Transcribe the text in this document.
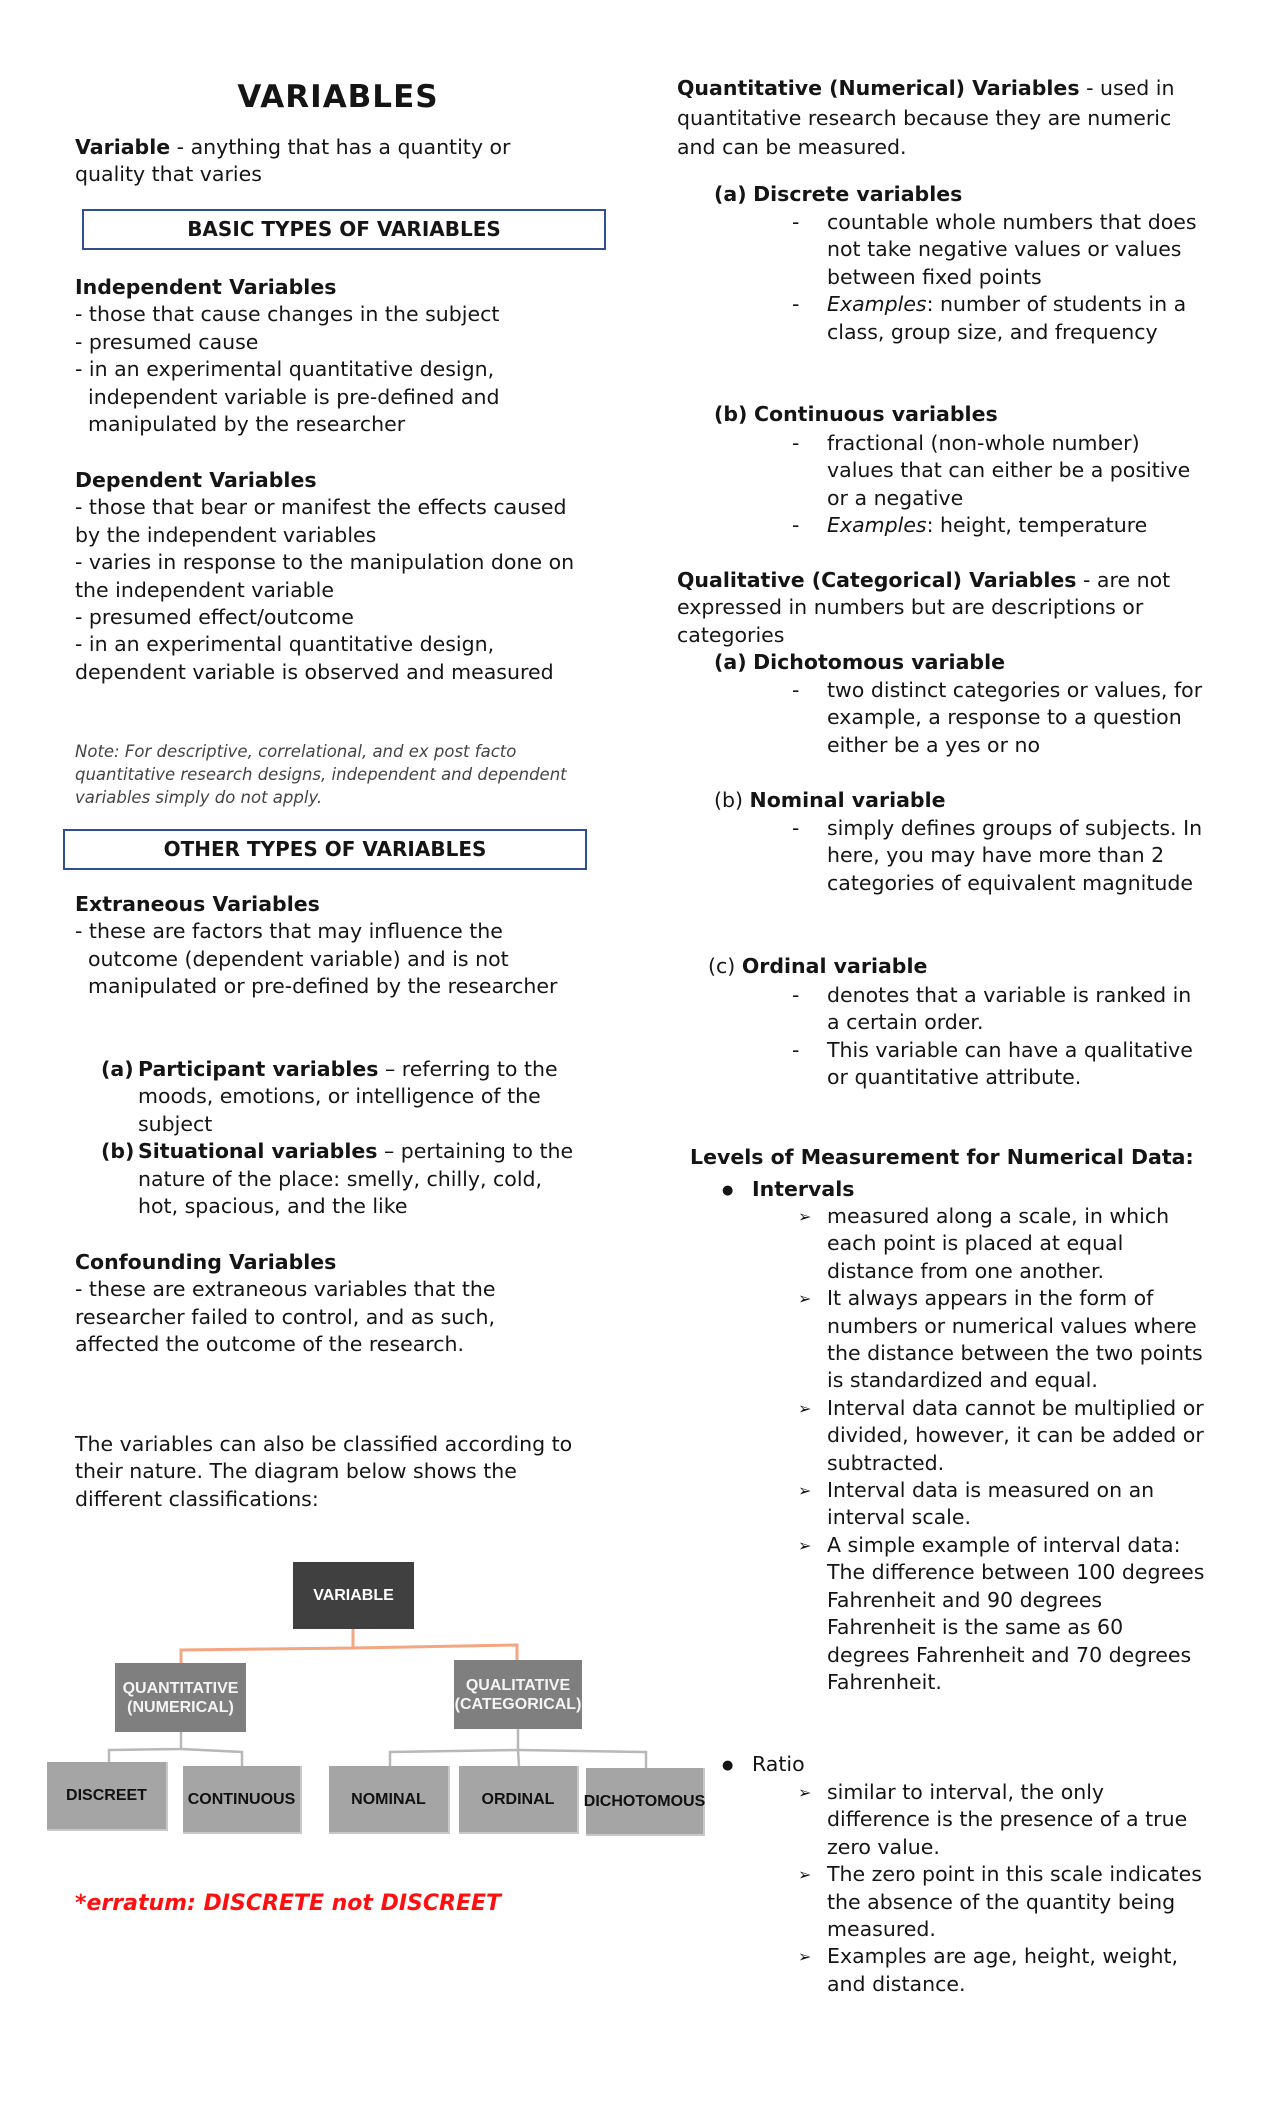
VARIABLES
Variable - anything that has a quantity or quality that varies
BASIC TYPES OF VARIABLES
Independent Variables
- those that cause changes in the subject
- presumed cause
- in an experimental quantitative design, independent variable is pre-defined and manipulated by the researcher
Dependent Variables
- those that bear or manifest the effects caused by the independent variables
- varies in response to the manipulation done on the independent variable
- presumed effect/outcome
- in an experimental quantitative design, dependent variable is observed and measured
Note: For descriptive, correlational, and ex post facto quantitative research designs, independent and dependent variables simply do not apply.
OTHER TYPES OF VARIABLES
Extraneous Variables
- these are factors that may influence the outcome (dependent variable) and is not manipulated or pre-defined by the researcher
(a) Participant variables – referring to the moods, emotions, or intelligence of the subject
(b) Situational variables – pertaining to the nature of the place: smelly, chilly, cold, hot, spacious, and the like
Confounding Variables
- these are extraneous variables that the researcher failed to control, and as such, affected the outcome of the research.
The variables can also be classified according to their nature. The diagram below shows the different classifications:
VARIABLE
QUANTITATIVE (NUMERICAL)
QUALITATIVE (CATEGORICAL)
DISCREET	CONTINUOUS	NOMINAL	ORDINAL	DICHOTOMOUS
*erratum: DISCRETE not DISCREET
Quantitative (Numerical) Variables - used in quantitative research because they are numeric and can be measured.
(a) Discrete variables
- countable whole numbers that does not take negative values or values between fixed points
- Examples: number of students in a class, group size, and frequency
(b) Continuous variables
- fractional (non-whole number) values that can either be a positive or a negative
- Examples: height, temperature
Qualitative (Categorical) Variables - are not expressed in numbers but are descriptions or categories
(a) Dichotomous variable
- two distinct categories or values, for example, a response to a question either be a yes or no
(b) Nominal variable
- simply defines groups of subjects. In here, you may have more than 2 categories of equivalent magnitude
(c) Ordinal variable
- denotes that a variable is ranked in a certain order.
- This variable can have a qualitative or quantitative attribute.
Levels of Measurement for Numerical Data:
● Intervals
➢ measured along a scale, in which each point is placed at equal distance from one another.
➢ It always appears in the form of numbers or numerical values where the distance between the two points is standardized and equal.
➢ Interval data cannot be multiplied or divided, however, it can be added or subtracted.
➢ Interval data is measured on an interval scale.
➢ A simple example of interval data: The difference between 100 degrees Fahrenheit and 90 degrees Fahrenheit is the same as 60 degrees Fahrenheit and 70 degrees Fahrenheit.
● Ratio
➢ similar to interval, the only difference is the presence of a true zero value.
➢ The zero point in this scale indicates the absence of the quantity being measured.
➢ Examples are age, height, weight, and distance.
